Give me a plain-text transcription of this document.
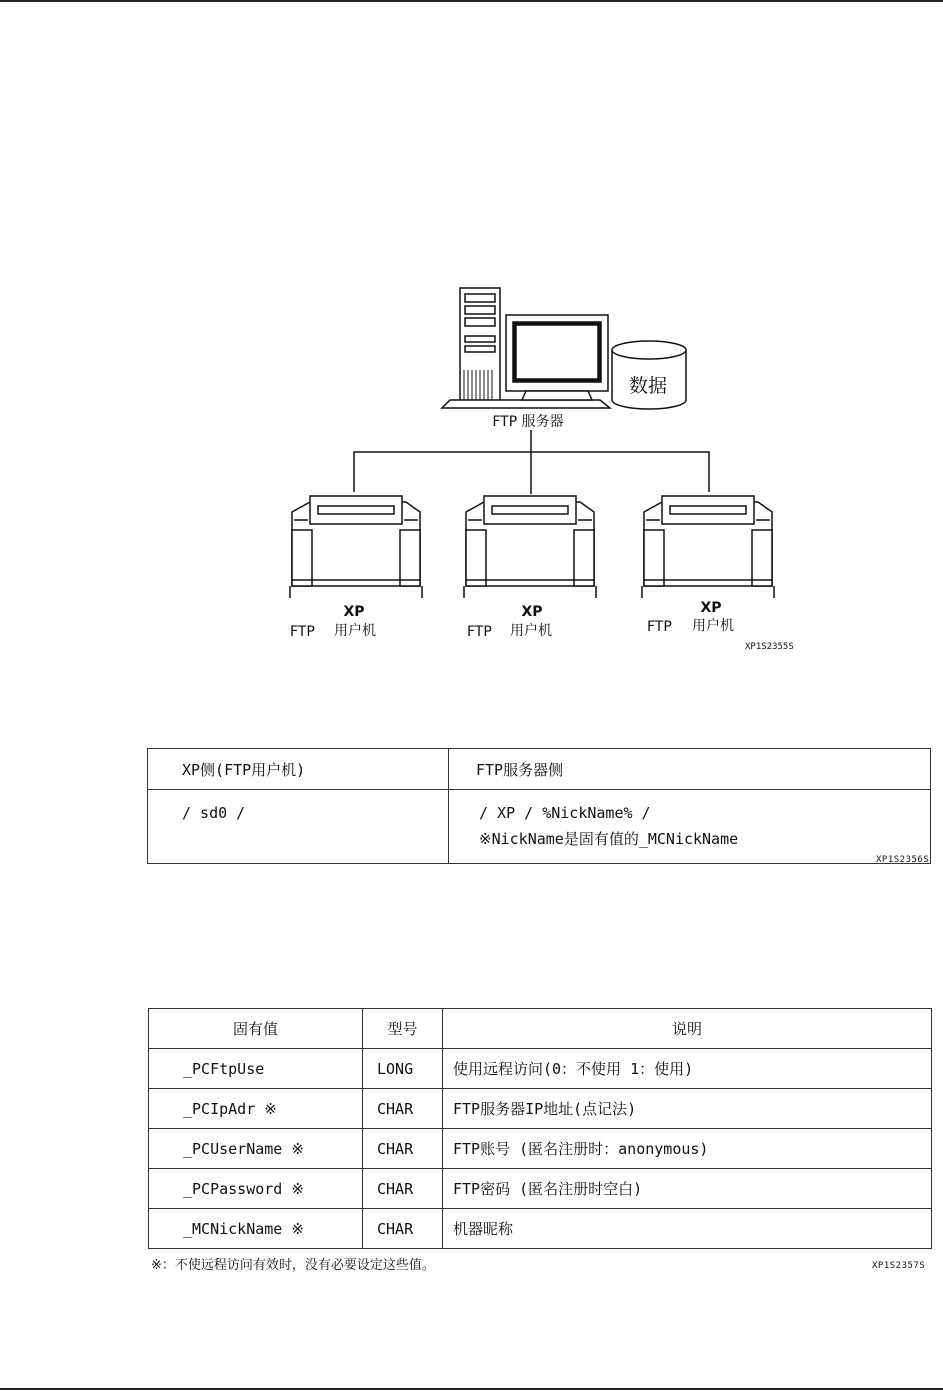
数据
FTP 服务器
XP
FTP 用户机
XP
FTP 用户机
XP
FTP 用户机
XP1S2355S
XP侧(FTP用户机)	FTP服务器侧
/ sd0 /	/ XP / %NickName% /
※NickName是固有值的_MCNickName
XP1S2356S
固有值	型号	说明
_PCFtpUse	LONG	使用远程访问(0：不使用 1：使用)
_PCIpAdr ※	CHAR	FTP服务器IP地址(点记法)
_PCUserName ※	CHAR	FTP账号 (匿名注册时：anonymous)
_PCPassword ※	CHAR	FTP密码 (匿名注册时空白)
_MCNickName ※	CHAR	机器昵称
※：不使远程访问有效时，没有必要设定这些值。	XP1S2357S
